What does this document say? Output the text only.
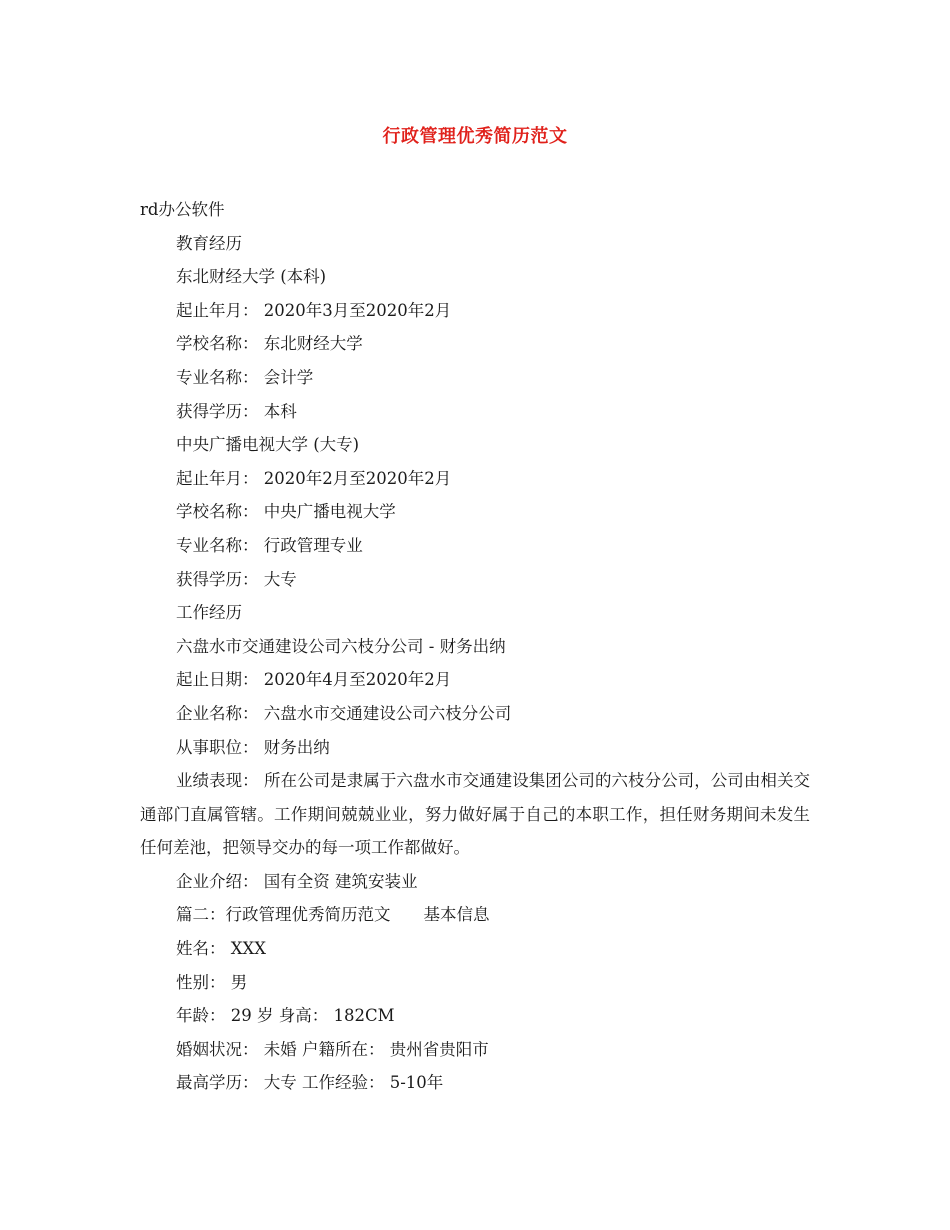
行政管理优秀简历范文
rd办公软件
教育经历
东北财经大学 (本科)
起止年月： 2020年3月至2020年2月
学校名称： 东北财经大学
专业名称： 会计学
获得学历： 本科
中央广播电视大学 (大专)
起止年月： 2020年2月至2020年2月
学校名称： 中央广播电视大学
专业名称： 行政管理专业
获得学历： 大专
工作经历
六盘水市交通建设公司六枝分公司 - 财务出纳
起止日期： 2020年4月至2020年2月
企业名称： 六盘水市交通建设公司六枝分公司
从事职位： 财务出纳
业绩表现： 所在公司是隶属于六盘水市交通建设集团公司的六枝分公司，公司由相关交通部门直属管辖。工作期间兢兢业业，努力做好属于自己的本职工作，担任财务期间未发生任何差池，把领导交办的每一项工作都做好。
企业介绍： 国有全资 建筑安装业
篇二：行政管理优秀简历范文　　基本信息
姓名： XXX
性别： 男
年龄： 29 岁 身高： 182CM
婚姻状况： 未婚 户籍所在： 贵州省贵阳市
最高学历： 大专 工作经验： 5-10年
